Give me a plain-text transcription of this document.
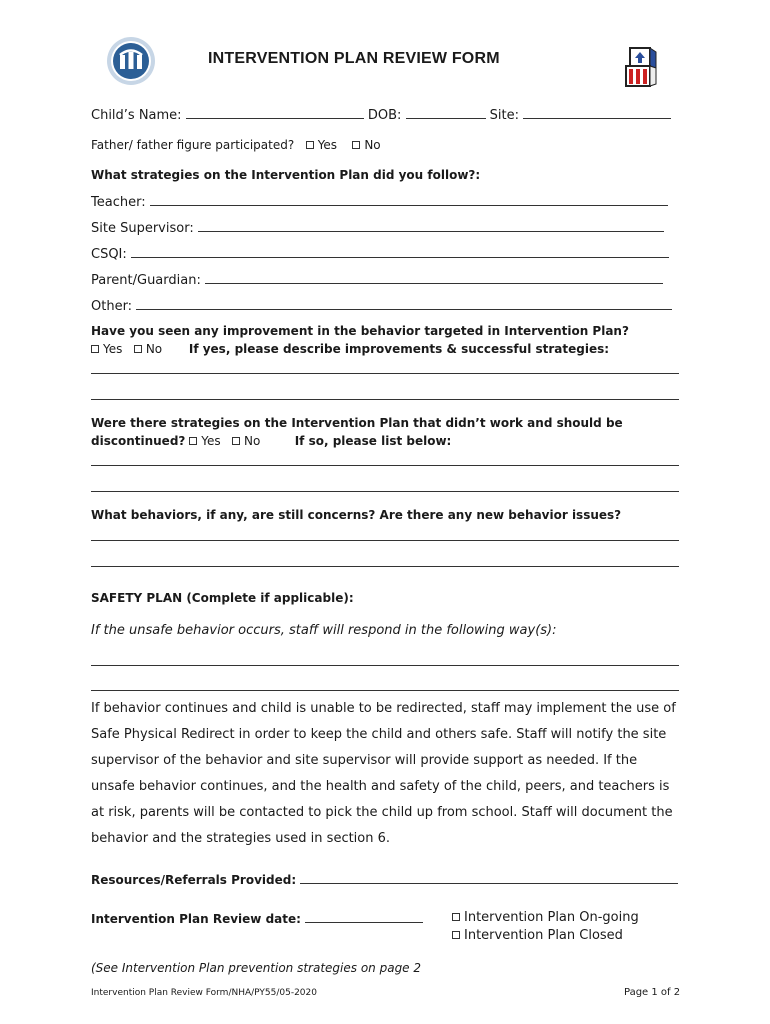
INTERVENTION PLAN REVIEW FORM
Child’s Name:	DOB:	Site:
Father/ father figure participated? Yes No
What strategies on the Intervention Plan did you follow?:
Teacher:
Site Supervisor:
CSQI:
Parent/Guardian:
Other:
Have you seen any improvement in the behavior targeted in Intervention Plan?
Yes No If yes, please describe improvements & successful strategies:
Were there strategies on the Intervention Plan that didn’t work and should be
discontinued? Yes No	If so, please list below:
What behaviors, if any, are still concerns? Are there any new behavior issues?
SAFETY PLAN (Complete if applicable):
If the unsafe behavior occurs, staff will respond in the following way(s):
If behavior continues and child is unable to be redirected, staff may implement the use of Safe Physical Redirect in order to keep the child and others safe. Staff will notify the site supervisor of the behavior and site supervisor will provide support as needed. If the unsafe behavior continues, and the health and safety of the child, peers, and teachers is at risk, parents will be contacted to pick the child up from school. Staff will document the behavior and the strategies used in section 6.
Resources/Referrals Provided:
Intervention Plan Review date:	Intervention Plan On-going
Intervention Plan Closed
(See Intervention Plan prevention strategies on page 2
Intervention Plan Review Form/NHA/PY55/05-2020	Page 1 of 2
